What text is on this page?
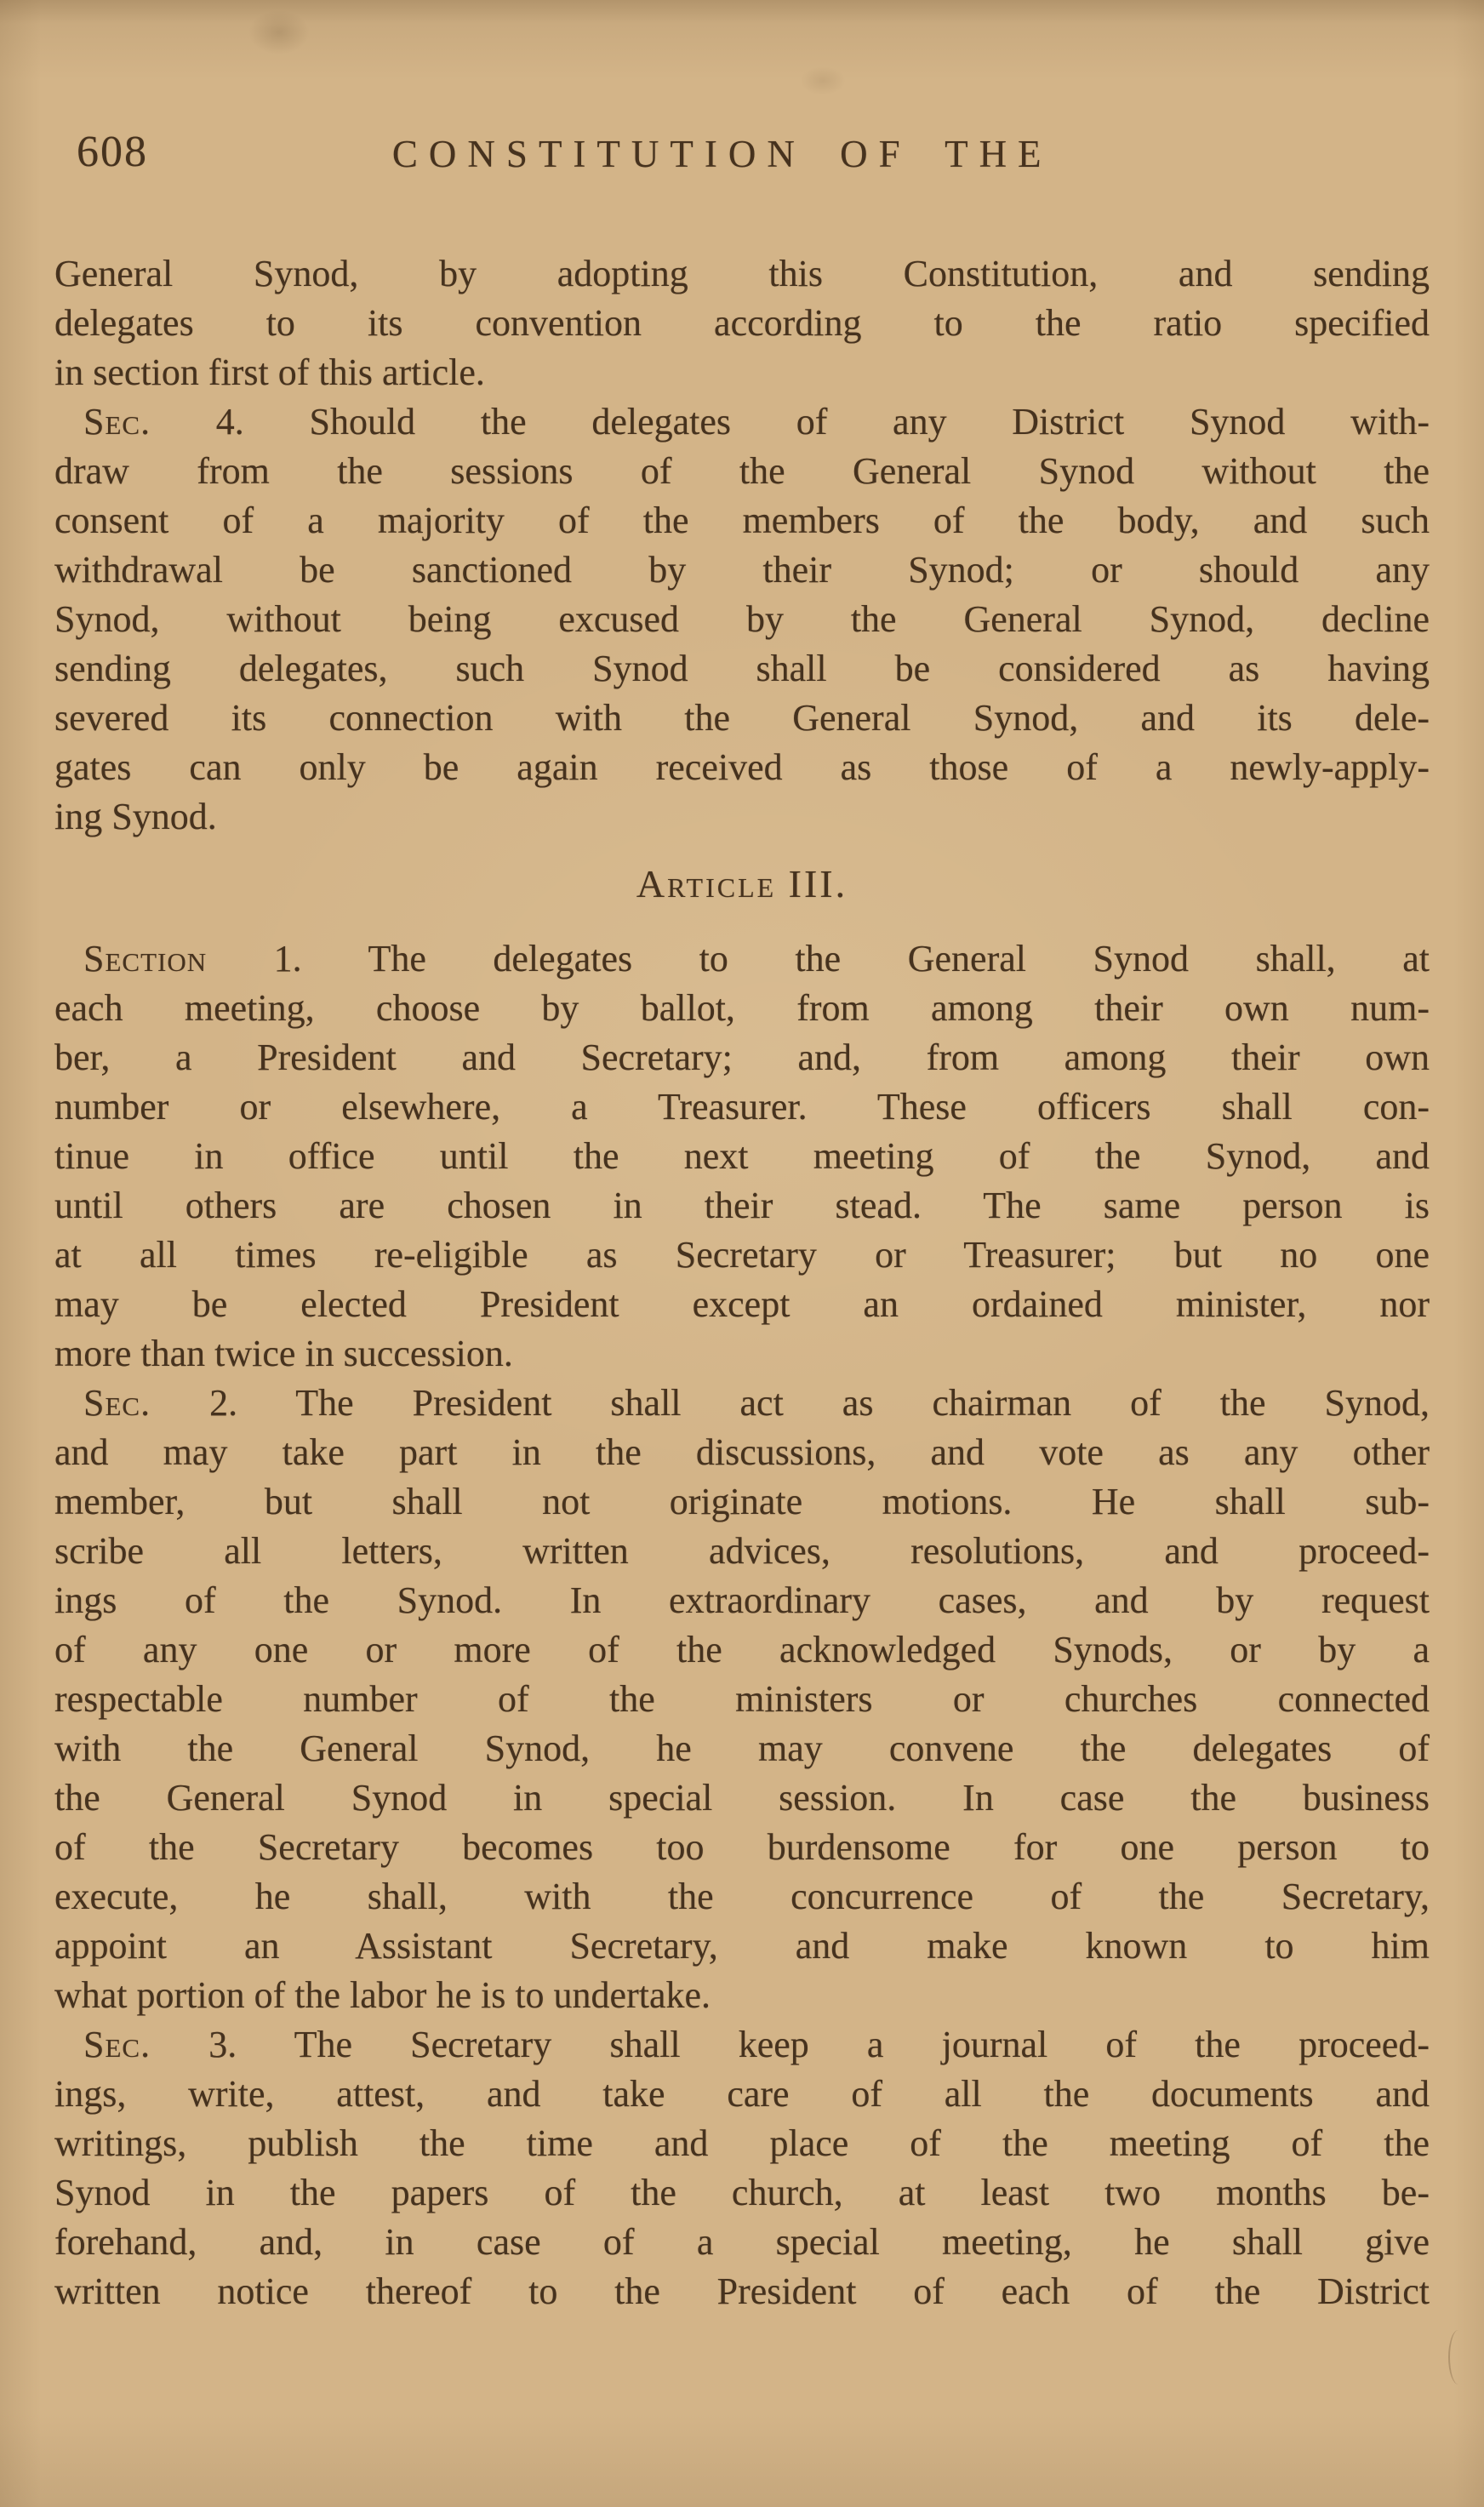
608	CONSTITUTION OF THE
General Synod, by adopting this Constitution, and sending
delegates to its convention according to the ratio specified
in section first of this article.
Sec. 4. Should the delegates of any District Synod with-
draw from the sessions of the General Synod without the
consent of a majority of the members of the body, and such
withdrawal be sanctioned by their Synod; or should any
Synod, without being excused by the General Synod, decline
sending delegates, such Synod shall be considered as having
severed its connection with the General Synod, and its dele-
gates can only be again received as those of a newly-apply-
ing Synod.
Article III.
Section 1. The delegates to the General Synod shall, at
each meeting, choose by ballot, from among their own num-
ber, a President and Secretary; and, from among their own
number or elsewhere, a Treasurer. These officers shall con-
tinue in office until the next meeting of the Synod, and
until others are chosen in their stead. The same person is
at all times re-eligible as Secretary or Treasurer; but no one
may be elected President except an ordained minister, nor
more than twice in succession.
Sec. 2. The President shall act as chairman of the Synod,
and may take part in the discussions, and vote as any other
member, but shall not originate motions. He shall sub-
scribe all letters, written advices, resolutions, and proceed-
ings of the Synod. In extraordinary cases, and by request
of any one or more of the acknowledged Synods, or by a
respectable number of the ministers or churches connected
with the General Synod, he may convene the delegates of
the General Synod in special session. In case the business
of the Secretary becomes too burdensome for one person to
execute, he shall, with the concurrence of the Secretary,
appoint an Assistant Secretary, and make known to him
what portion of the labor he is to undertake.
Sec. 3. The Secretary shall keep a journal of the proceed-
ings, write, attest, and take care of all the documents and
writings, publish the time and place of the meeting of the
Synod in the papers of the church, at least two months be-
forehand, and, in case of a special meeting, he shall give
written notice thereof to the President of each of the District
